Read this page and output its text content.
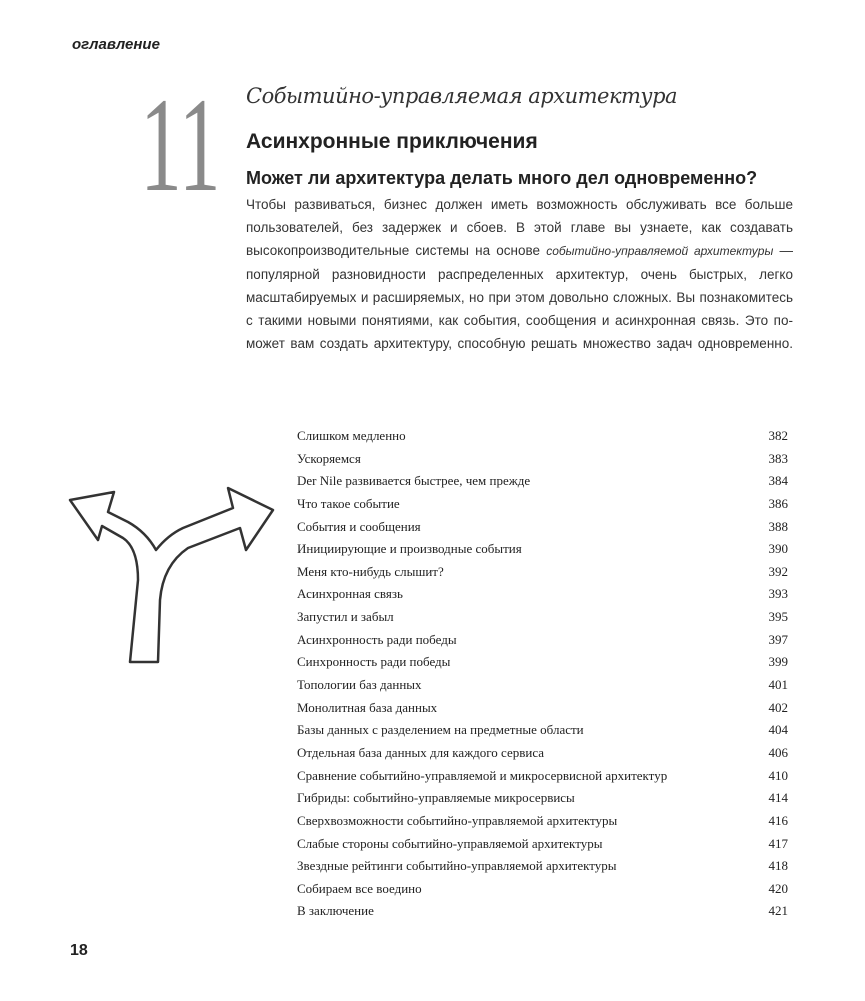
оглавление
11 Событийно-управляемая архитектура
Асинхронные приключения
Может ли архитектура делать много дел одновременно?
Чтобы развиваться, бизнес должен иметь возможность обслуживать все больше
пользователей, без задержек и сбоев. В этой главе вы узнаете, как создавать
высокопроизводительные системы на основе событийно-управляемой архитектуры —
популярной разновидности распределенных архитектур, очень быстрых, легко
масштабируемых и расширяемых, но при этом довольно сложных. Вы познакомитесь
с такими новыми понятиями, как события, сообщения и асинхронная связь. Это по-
может вам создать архитектуру, способную решать множество задач одновременно.
Слишком медленно	382
Ускоряемся	383
Der Nile развивается быстрее, чем прежде	384
Что такое событие	386
События и сообщения	388
Инициирующие и производные события	390
Меня кто-нибудь слышит?	392
Асинхронная связь	393
Запустил и забыл	395
Асинхронность ради победы	397
Синхронность ради победы	399
Топологии баз данных	401
Монолитная база данных	402
Базы данных с разделением на предметные области	404
Отдельная база данных для каждого сервиса	406
Сравнение событийно-управляемой и микросервисной архитектур	410
Гибриды: событийно-управляемые микросервисы	414
Сверхвозможности событийно-управляемой архитектуры	416
Слабые стороны событийно-управляемой архитектуры	417
Звездные рейтинги событийно-управляемой архитектуры	418
Собираем все воедино	420
В заключение	421
18
